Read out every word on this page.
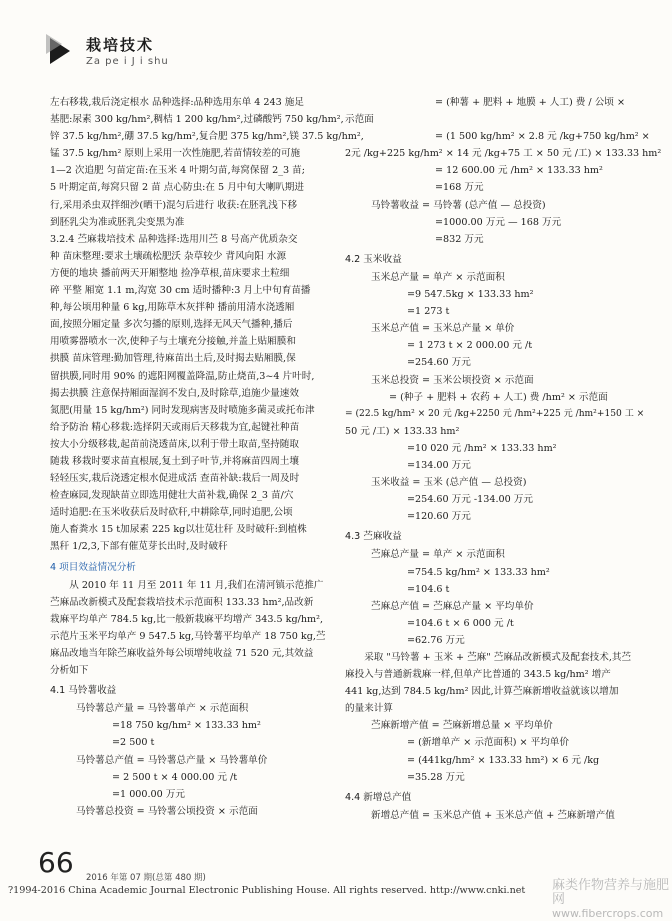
栽培技术
Za pe i J i shu
左右移栽,栽后浇定根水 品种选择:品种选用东单 4 243 施足
基肥:尿素 300 kg/hm²,稠桔 1 200 kg/hm²,过磷酸钙 750 kg/hm²,
锌 37.5 kg/hm²,硼 37.5 kg/hm²,复合肥 375 kg/hm²,镁 37.5 kg/hm²,
锰 37.5 kg/hm² 原则上采用一次性施肥,若苗情较差的可施
1—2 次追肥 匀苗定苗:在玉米 4 叶期匀苗,每窝保留 2_3 苗;
5 叶期定苗,每窝只留 2 苗 点心防虫:在 5 月中旬大喇叭期进
行,采用杀虫双拌细沙(晒干)混匀后进行 收获:在胚乳浅下移
到胚乳尖为准或胚乳尖变黑为准
3.2.4 苎麻栽培技术 品种选择:选用川苎 8 号高产优质杂交
种 苗床整理:要求土壤疏松肥沃 杂草较少 背风向阳 水源
方便的地块 播前两天开厢整地 捡净草根,苗床要求土粒细
碎 平整 厢宽 1.1 m,沟宽 30 cm 适时播种:3 月上中旬育苗播
种,每公顷用种量 6 kg,用陈草木灰拌种 播前用清水浇透厢
面,按照分厢定量 多次匀播的原则,选择无风天气播种,播后
用喷雾器喷水一次,使种子与土壤充分接触,并盖上贴厢膜和
拱膜 苗床管理:勤加管理,待麻苗出土后,及时揭去贴厢膜,保
留拱膜,同时用 90% 的遮阳网覆盖降温,防止烧苗,3~4 片叶时,
揭去拱膜 注意保持厢面湿润不发白,及时除草,追施少量速效
氮肥(用量 15 kg/hm²) 同时发现病害及时喷施多菌灵或托布津
给予防治 精心移栽:选择阴天或雨后天移栽为宜,起键社种苗
按大小分级移栽,起苗前浇透苗床,以利于带土取苗,坚持随取
随栽 移栽时要求苗直根展,复土到子叶节,并将麻苗四周土壤
轻轻压实,栽后浇透定根水促进成活 查苗补缺:栽后一周及时
检查麻园,发现缺苗立即选用健壮大苗补栽,确保 2_3 苗/穴
适时追肥:在玉米收获后及时砍秆,中耕除草,同时追肥,公顷
施人畜粪水 15 t加尿素 225 kg以壮苋壮秆 及时破秆:到植株
黑秆 1/2,3,下部有催苋芽长出时,及时破秆
4 项目效益情况分析
从 2010 年 11 月至 2011 年 11 月,我们在清河镇示范推广
苎麻品改新模式及配套栽培技术示范面积 133.33 hm²,品改新
栽麻平均单产 784.5 kg,比一般新栽麻平均增产 343.5 kg/hm²,
示范片玉米平均单产 9 547.5 kg,马铃薯平均单产 18 750 kg,苎
麻品改地当年除苎麻收益外每公顷增纯收益 71 520 元,其效益
分析如下
4.1 马铃薯收益
马铃薯总产量 = 马铃薯单产 × 示范面积
=18 750 kg/hm² × 133.33 hm²
=2 500 t
马铃薯总产值 = 马铃薯总产量 × 马铃薯单价
= 2 500 t × 4 000.00 元 /t
=1 000.00 万元
马铃薯总投资 = 马铃薯公顷投资 × 示范面
= (种薯 + 肥料 + 地膜 + 人工) 费 / 公顷 ×
示范面
= (1 500 kg/hm² × 2.8 元 /kg+750 kg/hm² ×
2元 /kg+225 kg/hm² × 14 元 /kg+75 工 × 50 元 /工) × 133.33 hm²
= 12 600.00 元 /hm² × 133.33 hm²
=168 万元
马铃薯收益 = 马铃薯 (总产值 — 总投资)
=1000.00 万元 — 168 万元
=832 万元
4.2 玉米收益
玉米总产量 = 单产 × 示范面积
=9 547.5kg × 133.33 hm²
=1 273 t
玉米总产值 = 玉米总产量 × 单价
= 1 273 t × 2 000.00 元 /t
=254.60 万元
玉米总投资 = 玉米公顷投资 × 示范面
= (种子 + 肥料 + 农药 + 人工) 费 /hm² × 示范面
= (22.5 kg/hm² × 20 元 /kg+2250 元 /hm²+225 元 /hm²+150 工 ×
50 元 /工) × 133.33 hm²
=10 020 元 /hm² × 133.33 hm²
=134.00 万元
玉米收益 = 玉米 (总产值 — 总投资)
=254.60 万元 -134.00 万元
=120.60 万元
4.3 苎麻收益
苎麻总产量 = 单产 × 示范面积
=754.5 kg/hm² × 133.33 hm²
=104.6 t
苎麻总产值 = 苎麻总产量 × 平均单价
=104.6 t × 6 000 元 /t
=62.76 万元
采取 "马铃薯 + 玉米 + 苎麻" 苎麻品改新模式及配套技术,其苎
麻投入与普通新栽麻一样,但单产比普通的 343.5 kg/hm² 增产
441 kg,达到 784.5 kg/hm² 因此,计算苎麻新增收益就该以增加
的量来计算
苎麻新增产值 = 苎麻新增总量 × 平均单价
= (新增单产 × 示范面积) × 平均单价
= (441kg/hm² × 133.33 hm²) × 6 元 /kg
=35.28 万元
4.4 新增总产值
新增总产值 = 玉米总产值 + 玉米总产值 + 苎麻新增产值
66 2016 年第 07 期(总第 480 期)
?1994-2016 China Academic Journal Electronic Publishing House. All rights reserved. http://www.cnki.net 麻类作物营养与施肥网
www.fibercrops.com
